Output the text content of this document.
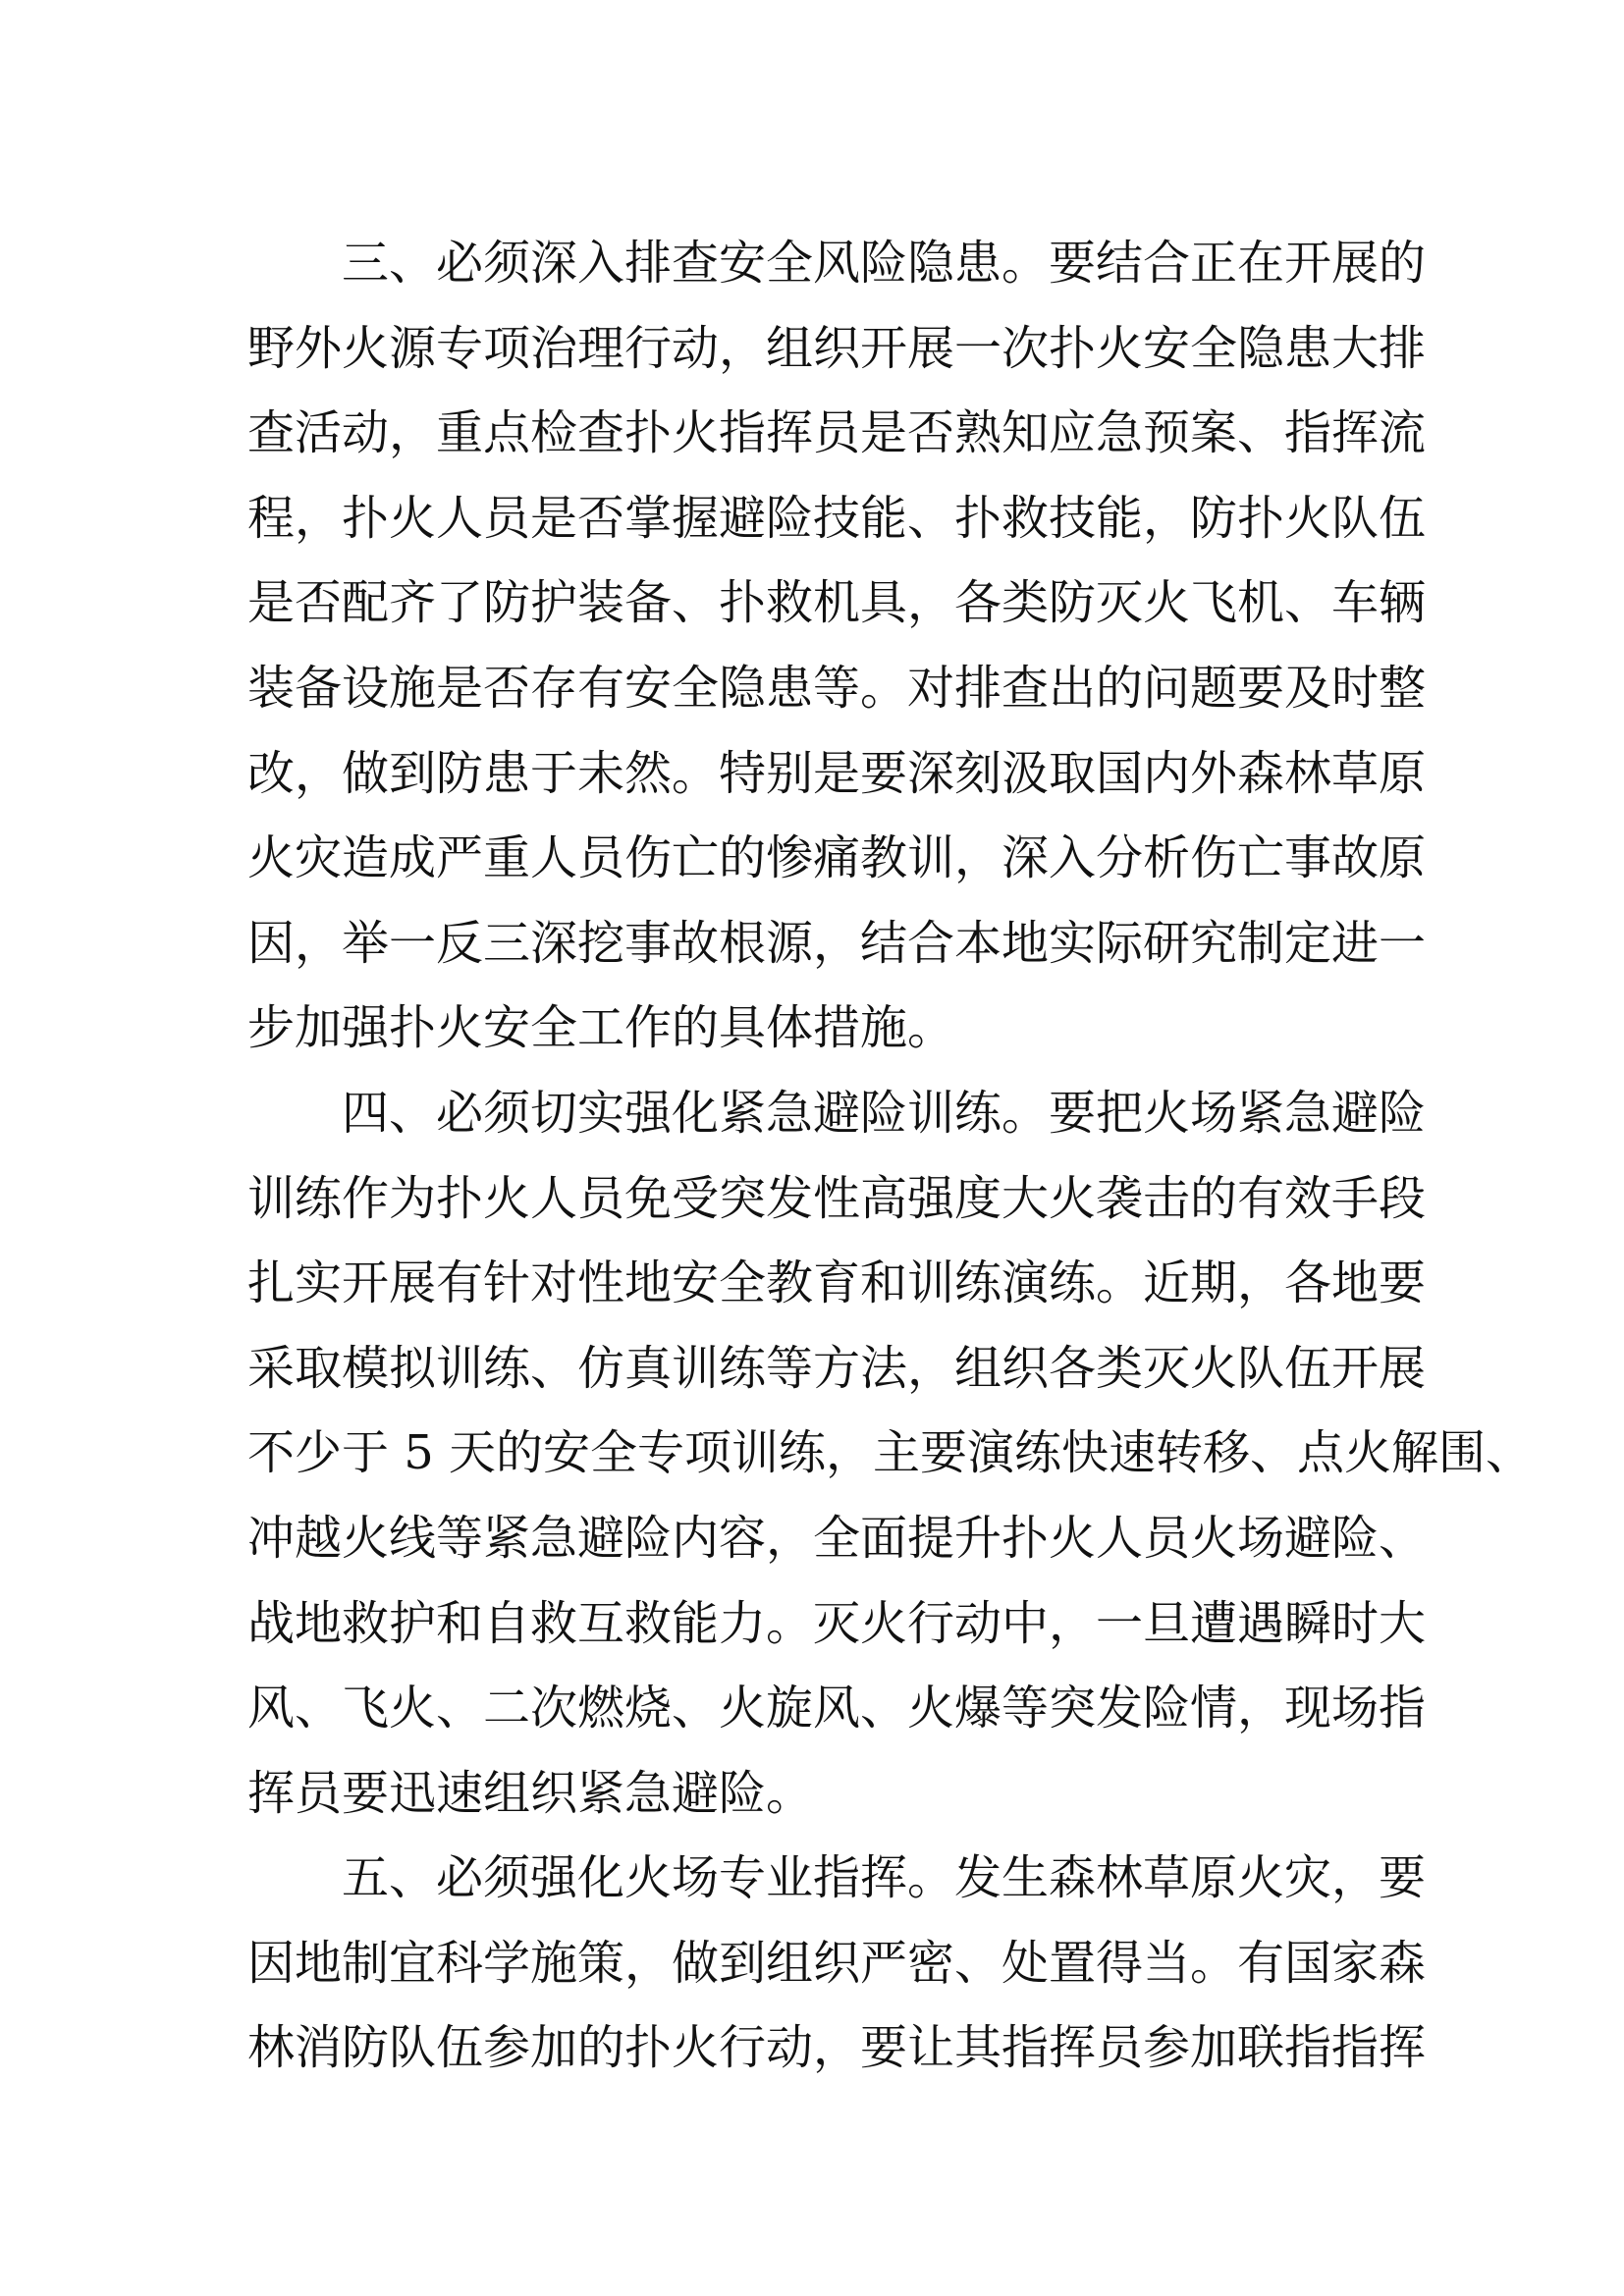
三、必须深入排查安全风险隐患。要结合正在开展的
野外火源专项治理行动，组织开展一次扑火安全隐患大排
查活动，重点检查扑火指挥员是否熟知应急预案、指挥流
程，扑火人员是否掌握避险技能、扑救技能，防扑火队伍
是否配齐了防护装备、扑救机具，各类防灭火飞机、车辆
装备设施是否存有安全隐患等。对排查出的问题要及时整
改，做到防患于未然。特别是要深刻汲取国内外森林草原
火灾造成严重人员伤亡的惨痛教训，深入分析伤亡事故原
因，举一反三深挖事故根源，结合本地实际研究制定进一
步加强扑火安全工作的具体措施。
四、必须切实强化紧急避险训练。要把火场紧急避险
训练作为扑火人员免受突发性高强度大火袭击的有效手段
扎实开展有针对性地安全教育和训练演练。近期，各地要
采取模拟训练、仿真训练等方法，组织各类灭火队伍开展
不少于 5 天的安全专项训练，主要演练快速转移、点火解围、
冲越火线等紧急避险内容，全面提升扑火人员火场避险、
战地救护和自救互救能力。灭火行动中，一旦遭遇瞬时大
风、飞火、二次燃烧、火旋风、火爆等突发险情，现场指
挥员要迅速组织紧急避险。
五、必须强化火场专业指挥。发生森林草原火灾，要
因地制宜科学施策，做到组织严密、处置得当。有国家森
林消防队伍参加的扑火行动，要让其指挥员参加联指指挥
